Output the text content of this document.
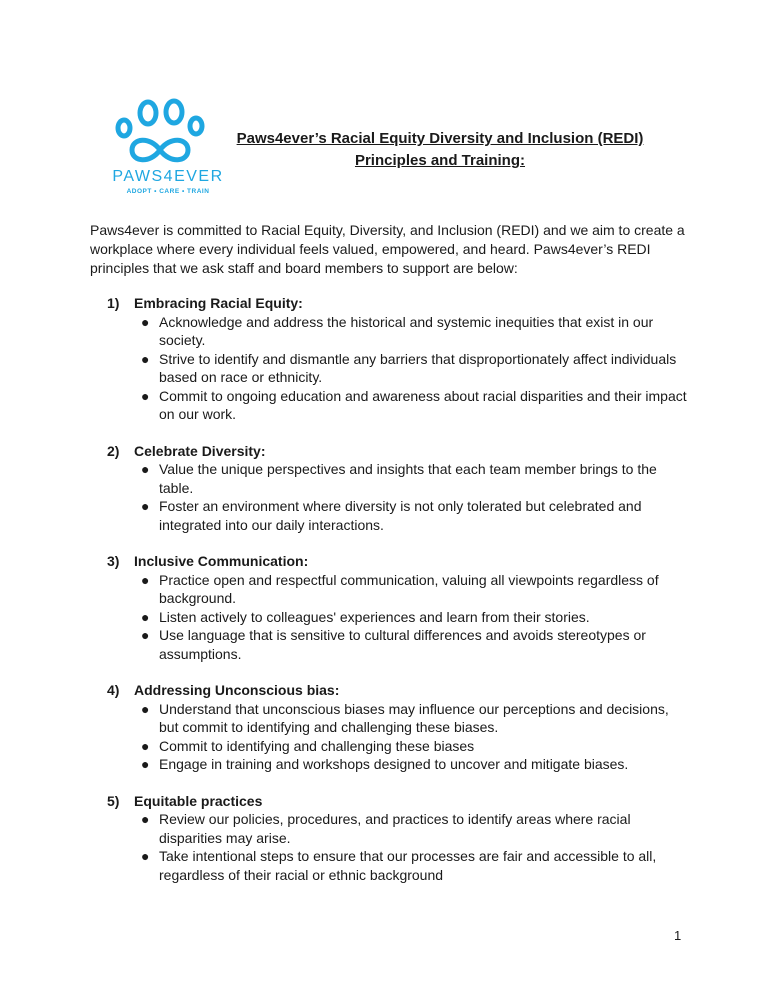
PAWS4EVER
ADOPT • CARE • TRAIN
Paws4ever’s Racial Equity Diversity and Inclusion (REDI)
Principles and Training:
Paws4ever is committed to Racial Equity, Diversity, and Inclusion (REDI) and we aim to create a workplace where every individual feels valued, empowered, and heard. Paws4ever’s REDI principles that we ask staff and board members to support are below:
1)	Embracing Racial Equity:
● Acknowledge and address the historical and systemic inequities that exist in our society.
● Strive to identify and dismantle any barriers that disproportionately affect individuals based on race or ethnicity.
● Commit to ongoing education and awareness about racial disparities and their impact on our work.
2)	Celebrate Diversity:
● Value the unique perspectives and insights that each team member brings to the table.
● Foster an environment where diversity is not only tolerated but celebrated and integrated into our daily interactions.
3)	Inclusive Communication:
● Practice open and respectful communication, valuing all viewpoints regardless of background.
● Listen actively to colleagues' experiences and learn from their stories.
● Use language that is sensitive to cultural differences and avoids stereotypes or assumptions.
4)	Addressing Unconscious bias:
● Understand that unconscious biases may influence our perceptions and decisions, but commit to identifying and challenging these biases.
● Commit to identifying and challenging these biases
● Engage in training and workshops designed to uncover and mitigate biases.
5)	Equitable practices
● Review our policies, procedures, and practices to identify areas where racial disparities may arise.
● Take intentional steps to ensure that our processes are fair and accessible to all, regardless of their racial or ethnic background
1
